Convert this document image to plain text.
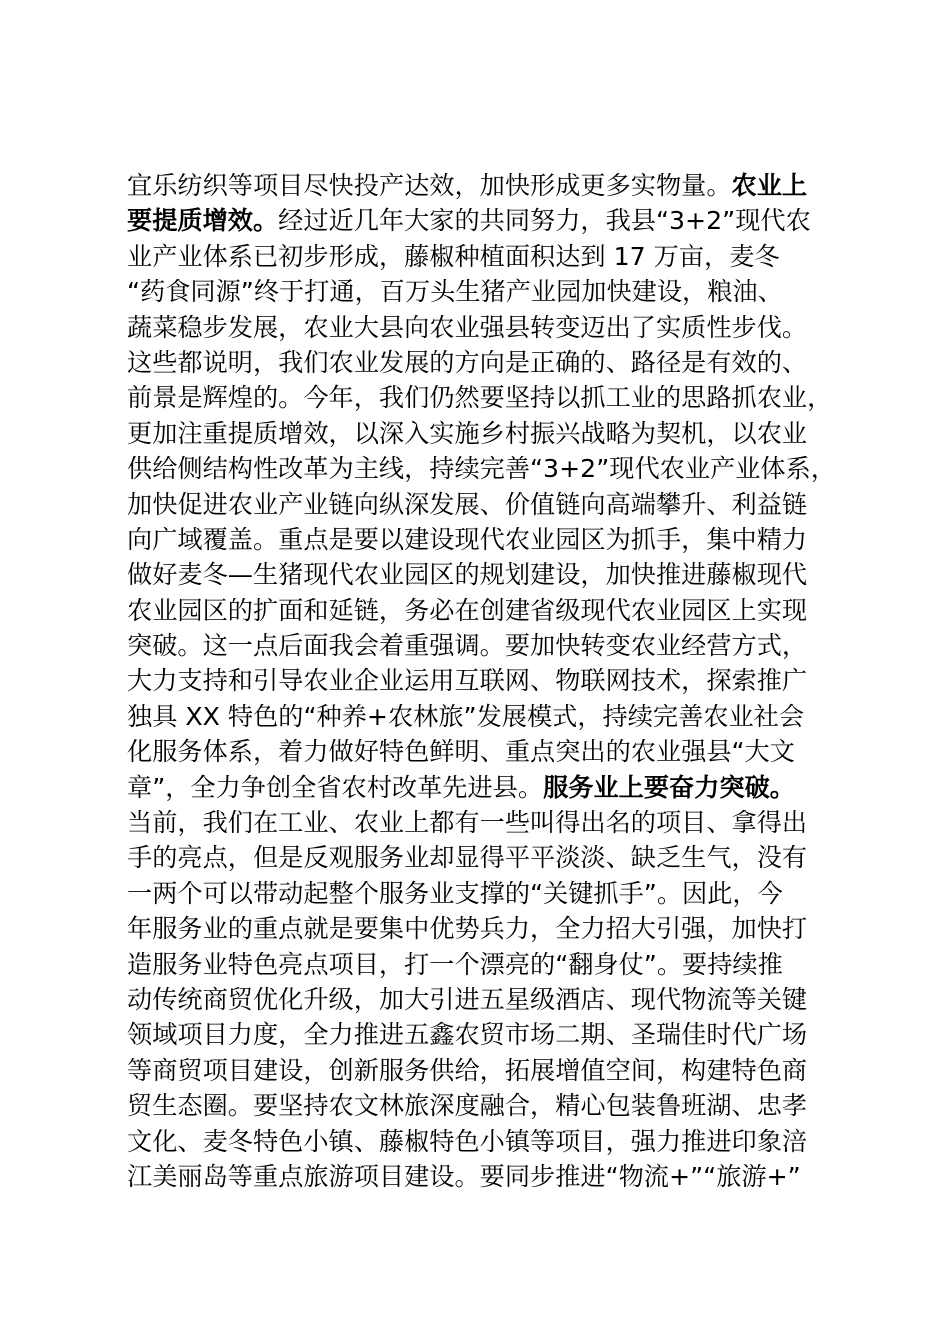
宜乐纺织等项目尽快投产达效，加快形成更多实物量。农业上
要提质增效。经过近几年大家的共同努力，我县“3+2”现代农
业产业体系已初步形成，藤椒种植面积达到 17 万亩，麦冬
“药食同源”终于打通，百万头生猪产业园加快建设，粮油、
蔬菜稳步发展，农业大县向农业强县转变迈出了实质性步伐。
这些都说明，我们农业发展的方向是正确的、路径是有效的、
前景是辉煌的。今年，我们仍然要坚持以抓工业的思路抓农业，
更加注重提质增效，以深入实施乡村振兴战略为契机，以农业
供给侧结构性改革为主线，持续完善“3+2”现代农业产业体系，
加快促进农业产业链向纵深发展、价值链向高端攀升、利益链
向广域覆盖。重点是要以建设现代农业园区为抓手，集中精力
做好麦冬—生猪现代农业园区的规划建设，加快推进藤椒现代
农业园区的扩面和延链，务必在创建省级现代农业园区上实现
突破。这一点后面我会着重强调。要加快转变农业经营方式，
大力支持和引导农业企业运用互联网、物联网技术，探索推广
独具 XX 特色的“种养+农林旅”发展模式，持续完善农业社会
化服务体系，着力做好特色鲜明、重点突出的农业强县“大文
章”，全力争创全省农村改革先进县。服务业上要奋力突破。
当前，我们在工业、农业上都有一些叫得出名的项目、拿得出
手的亮点，但是反观服务业却显得平平淡淡、缺乏生气，没有
一两个可以带动起整个服务业支撑的“关键抓手”。因此，今
年服务业的重点就是要集中优势兵力，全力招大引强，加快打
造服务业特色亮点项目，打一个漂亮的“翻身仗”。要持续推
动传统商贸优化升级，加大引进五星级酒店、现代物流等关键
领域项目力度，全力推进五鑫农贸市场二期、圣瑞佳时代广场
等商贸项目建设，创新服务供给，拓展增值空间，构建特色商
贸生态圈。要坚持农文林旅深度融合，精心包装鲁班湖、忠孝
文化、麦冬特色小镇、藤椒特色小镇等项目，强力推进印象涪
江美丽岛等重点旅游项目建设。要同步推进“物流+”“旅游+”
